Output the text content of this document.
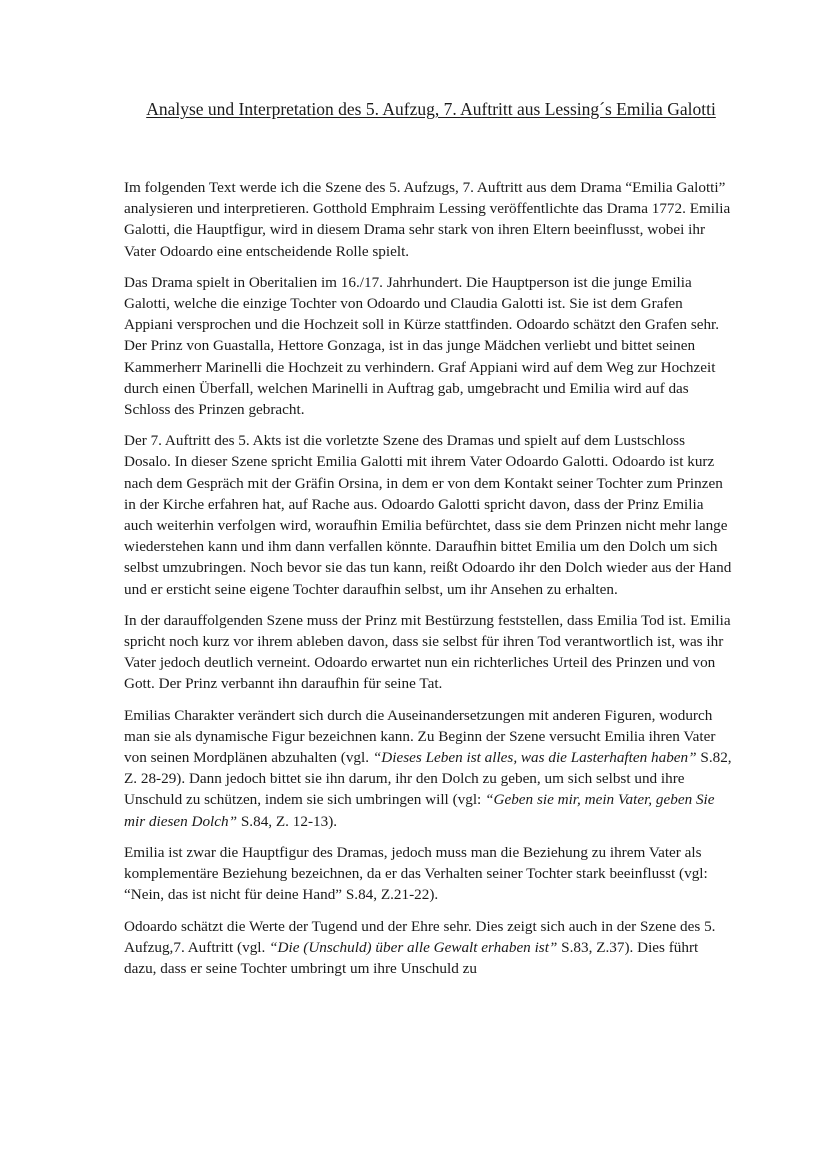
Analyse und Interpretation des 5. Aufzug, 7. Auftritt aus Lessing´s Emilia Galotti

Im folgenden Text werde ich die Szene des 5. Aufzugs, 7. Auftritt aus dem Drama “Emilia Galotti” analysieren und interpretieren. Gotthold Emphraim Lessing veröffentlichte das Drama 1772. Emilia Galotti, die Hauptfigur, wird in diesem Drama sehr stark von ihren Eltern beeinflusst, wobei ihr Vater Odoardo eine entscheidende Rolle spielt.

Das Drama spielt in Oberitalien im 16./17. Jahrhundert. Die Hauptperson ist die junge Emilia Galotti, welche die einzige Tochter von Odoardo und Claudia Galotti ist. Sie ist dem Grafen Appiani versprochen und die Hochzeit soll in Kürze stattfinden. Odoardo schätzt den Grafen sehr. Der Prinz von Guastalla, Hettore Gonzaga, ist in das junge Mädchen verliebt und bittet seinen Kammerherr Marinelli die Hochzeit zu verhindern. Graf Appiani wird auf dem Weg zur Hochzeit durch einen Überfall, welchen Marinelli in Auftrag gab, umgebracht und Emilia wird auf das Schloss des Prinzen gebracht.

Der 7. Auftritt des 5. Akts ist die vorletzte Szene des Dramas und spielt auf dem Lustschloss Dosalo. In dieser Szene spricht Emilia Galotti mit ihrem Vater Odoardo Galotti. Odoardo ist kurz nach dem Gespräch mit der Gräfin Orsina, in dem er von dem Kontakt seiner Tochter zum Prinzen in der Kirche erfahren hat, auf Rache aus. Odoardo Galotti spricht davon, dass der Prinz Emilia auch weiterhin verfolgen wird, woraufhin Emilia befürchtet, dass sie dem Prinzen nicht mehr lange wiederstehen kann und ihm dann verfallen könnte. Daraufhin bittet Emilia um den Dolch um sich selbst umzubringen. Noch bevor sie das tun kann, reißt Odoardo ihr den Dolch wieder aus der Hand und er ersticht seine eigene Tochter daraufhin selbst, um ihr Ansehen zu erhalten.

In der darauffolgenden Szene muss der Prinz mit Bestürzung feststellen, dass Emilia Tod ist. Emilia spricht noch kurz vor ihrem ableben davon, dass sie selbst für ihren Tod verantwortlich ist, was ihr Vater jedoch deutlich verneint. Odoardo erwartet nun ein richterliches Urteil des Prinzen und von Gott. Der Prinz verbannt ihn daraufhin für seine Tat.

Emilias Charakter verändert sich durch die Auseinandersetzungen mit anderen Figuren, wodurch man sie als dynamische Figur bezeichnen kann. Zu Beginn der Szene versucht Emilia ihren Vater von seinen Mordplänen abzuhalten (vgl. “Dieses Leben ist alles, was die Lasterhaften haben” S.82, Z. 28-29). Dann jedoch bittet sie ihn darum, ihr den Dolch zu geben, um sich selbst und ihre Unschuld zu schützen, indem sie sich umbringen will (vgl: “Geben sie mir, mein Vater, geben Sie mir diesen Dolch” S.84, Z. 12-13).

Emilia ist zwar die Hauptfigur des Dramas, jedoch muss man die Beziehung zu ihrem Vater als komplementäre Beziehung bezeichnen, da er das Verhalten seiner Tochter stark beeinflusst (vgl: “Nein, das ist nicht für deine Hand” S.84, Z.21-22).

Odoardo schätzt die Werte der Tugend und der Ehre sehr. Dies zeigt sich auch in der Szene des 5. Aufzug,7. Auftritt (vgl. “Die (Unschuld) über alle Gewalt erhaben ist” S.83, Z.37). Dies führt dazu, dass er seine Tochter umbringt um ihre Unschuld zu
